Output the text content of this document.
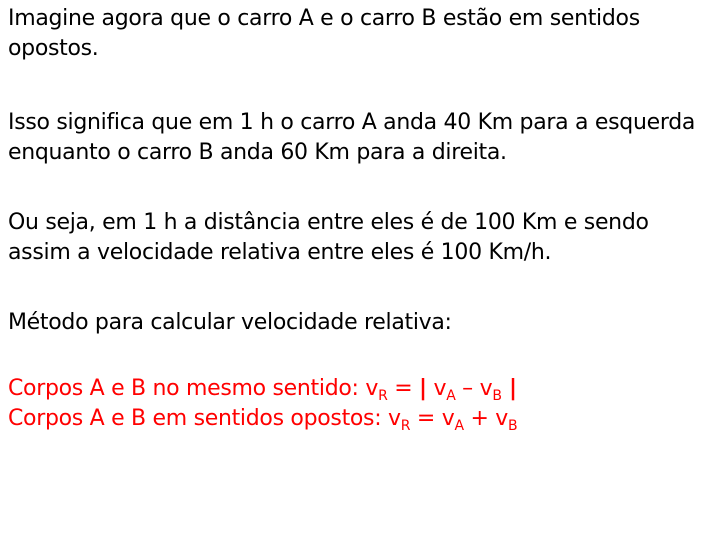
Imagine agora que o carro A e o carro B estão em sentidos opostos.

Isso significa que em 1 h o carro A anda 40 Km para a esquerda enquanto o carro B anda 60 Km para a direita.

Ou seja, em 1 h a distância entre eles é de 100 Km e sendo assim a velocidade relativa entre eles é 100 Km/h.

Método para calcular velocidade relativa:

Corpos A e B no mesmo sentido: $v_R$ = | $v_A - v_B$ |
Corpos A e B em sentidos opostos: $v_R = v_A + v_B$
